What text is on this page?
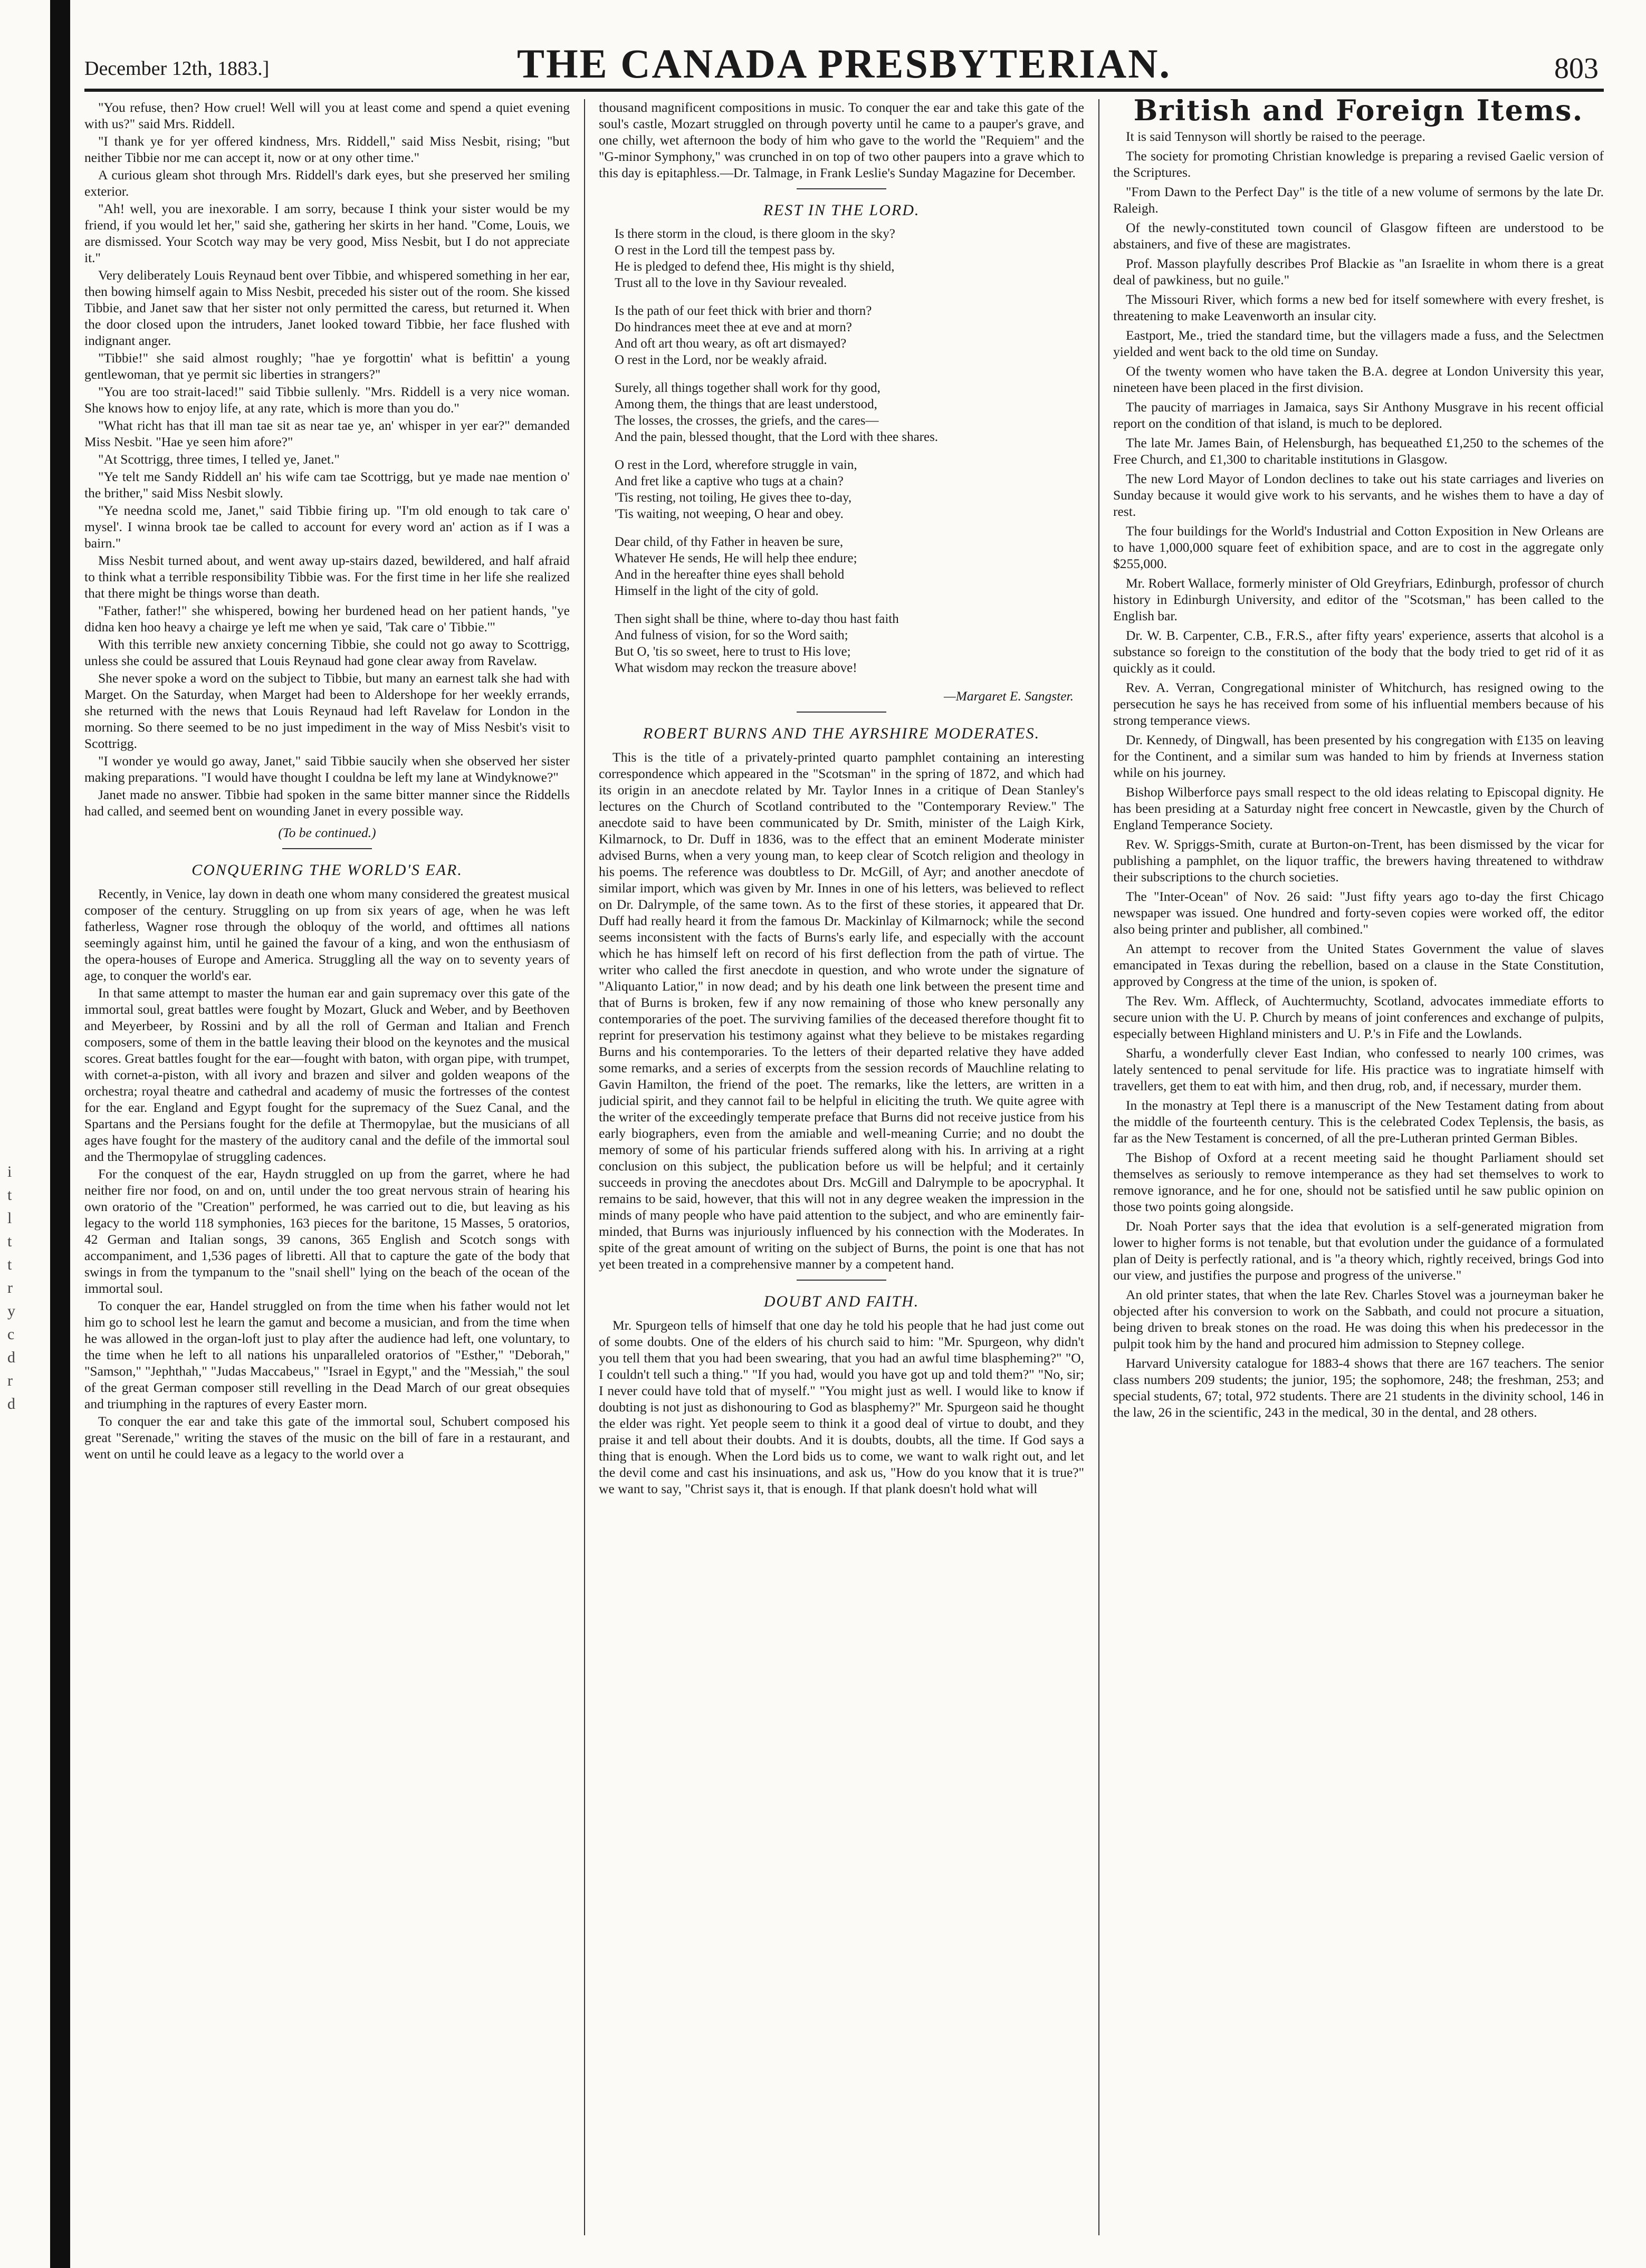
i
t
l
t
t
r
y
c
d
r
d
December 12th, 1883.]	THE CANADA PRESBYTERIAN.	803

"You refuse, then? How cruel! Well will you at least come and spend a quiet evening with us?" said Mrs. Riddell.

"I thank ye for yer offered kindness, Mrs. Riddell," said Miss Nesbit, rising; "but neither Tibbie nor me can accept it, now or at ony other time."

A curious gleam shot through Mrs. Riddell's dark eyes, but she preserved her smiling exterior.

"Ah! well, you are inexorable. I am sorry, because I think your sister would be my friend, if you would let her," said she, gathering her skirts in her hand. "Come, Louis, we are dismissed. Your Scotch way may be very good, Miss Nesbit, but I do not appreciate it."

Very deliberately Louis Reynaud bent over Tibbie, and whispered something in her ear, then bowing himself again to Miss Nesbit, preceded his sister out of the room. She kissed Tibbie, and Janet saw that her sister not only permitted the caress, but returned it. When the door closed upon the intruders, Janet looked toward Tibbie, her face flushed with indignant anger.

"Tibbie!" she said almost roughly; "hae ye forgottin' what is befittin' a young gentlewoman, that ye permit sic liberties in strangers?"

"You are too strait-laced!" said Tibbie sullenly. "Mrs. Riddell is a very nice woman. She knows how to enjoy life, at any rate, which is more than you do."

"What richt has that ill man tae sit as near tae ye, an' whisper in yer ear?" demanded Miss Nesbit. "Hae ye seen him afore?"

"At Scottrigg, three times, I telled ye, Janet."

"Ye telt me Sandy Riddell an' his wife cam tae Scottrigg, but ye made nae mention o' the brither," said Miss Nesbit slowly.

"Ye needna scold me, Janet," said Tibbie firing up. "I'm old enough to tak care o' mysel'. I winna brook tae be called to account for every word an' action as if I was a bairn."

Miss Nesbit turned about, and went away up-stairs dazed, bewildered, and half afraid to think what a terrible responsibility Tibbie was. For the first time in her life she realized that there might be things worse than death.

"Father, father!" she whispered, bowing her burdened head on her patient hands, "ye didna ken hoo heavy a chairge ye left me when ye said, 'Tak care o' Tibbie.'"

With this terrible new anxiety concerning Tibbie, she could not go away to Scottrigg, unless she could be assured that Louis Reynaud had gone clear away from Ravelaw.

She never spoke a word on the subject to Tibbie, but many an earnest talk she had with Marget. On the Saturday, when Marget had been to Aldershope for her weekly errands, she returned with the news that Louis Reynaud had left Ravelaw for London in the morning. So there seemed to be no just impediment in the way of Miss Nesbit's visit to Scottrigg.

"I wonder ye would go away, Janet," said Tibbie saucily when she observed her sister making preparations. "I would have thought I couldna be left my lane at Windyknowe?"

Janet made no answer. Tibbie had spoken in the same bitter manner since the Riddells had called, and seemed bent on wounding Janet in every possible way.

(To be continued.)
CONQUERING THE WORLD'S EAR.

Recently, in Venice, lay down in death one whom many considered the greatest musical composer of the century. Struggling on up from six years of age, when he was left fatherless, Wagner rose through the obloquy of the world, and ofttimes all nations seemingly against him, until he gained the favour of a king, and won the enthusiasm of the opera-houses of Europe and America. Struggling all the way on to seventy years of age, to conquer the world's ear.

In that same attempt to master the human ear and gain supremacy over this gate of the immortal soul, great battles were fought by Mozart, Gluck and Weber, and by Beethoven and Meyerbeer, by Rossini and by all the roll of German and Italian and French composers, some of them in the battle leaving their blood on the keynotes and the musical scores. Great battles fought for the ear—fought with baton, with organ pipe, with trumpet, with cornet-a-piston, with all ivory and brazen and silver and golden weapons of the orchestra; royal theatre and cathedral and academy of music the fortresses of the contest for the ear. England and Egypt fought for the supremacy of the Suez Canal, and the Spartans and the Persians fought for the defile at Thermopylae, but the musicians of all ages have fought for the mastery of the auditory canal and the defile of the immortal soul and the Thermopylae of struggling cadences.

For the conquest of the ear, Haydn struggled on up from the garret, where he had neither fire nor food, on and on, until under the too great nervous strain of hearing his own oratorio of the "Creation" performed, he was carried out to die, but leaving as his legacy to the world 118 symphonies, 163 pieces for the baritone, 15 Masses, 5 oratorios, 42 German and Italian songs, 39 canons, 365 English and Scotch songs with accompaniment, and 1,536 pages of libretti. All that to capture the gate of the body that swings in from the tympanum to the "snail shell" lying on the beach of the ocean of the immortal soul.

To conquer the ear, Handel struggled on from the time when his father would not let him go to school lest he learn the gamut and become a musician, and from the time when he was allowed in the organ-loft just to play after the audience had left, one voluntary, to the time when he left to all nations his unparalleled oratorios of "Esther," "Deborah," "Samson," "Jephthah," "Judas Maccabeus," "Israel in Egypt," and the "Messiah," the soul of the great German composer still revelling in the Dead March of our great obsequies and triumphing in the raptures of every Easter morn.

To conquer the ear and take this gate of the immortal soul, Schubert composed his great "Serenade," writing the staves of the music on the bill of fare in a restaurant, and went on until he could leave as a legacy to the world over a

thousand magnificent compositions in music. To conquer the ear and take this gate of the soul's castle, Mozart struggled on through poverty until he came to a pauper's grave, and one chilly, wet afternoon the body of him who gave to the world the "Requiem" and the "G-minor Symphony," was crunched in on top of two other paupers into a grave which to this day is epitaphless.—Dr. Talmage, in Frank Leslie's Sunday Magazine for December.

REST IN THE LORD.
Is there storm in the cloud, is there gloom in the sky?
O rest in the Lord till the tempest pass by.
He is pledged to defend thee, His might is thy shield,
Trust all to the love in thy Saviour revealed.
Is the path of our feet thick with brier and thorn?
Do hindrances meet thee at eve and at morn?
And oft art thou weary, as oft art dismayed?
O rest in the Lord, nor be weakly afraid.
Surely, all things together shall work for thy good,
Among them, the things that are least understood,
The losses, the crosses, the griefs, and the cares—
And the pain, blessed thought, that the Lord with thee shares.
O rest in the Lord, wherefore struggle in vain,
And fret like a captive who tugs at a chain?
'Tis resting, not toiling, He gives thee to-day,
'Tis waiting, not weeping, O hear and obey.
Dear child, of thy Father in heaven be sure,
Whatever He sends, He will help thee endure;
And in the hereafter thine eyes shall behold
Himself in the light of the city of gold.
Then sight shall be thine, where to-day thou hast faith
And fulness of vision, for so the Word saith;
But O, 'tis so sweet, here to trust to His love;
What wisdom may reckon the treasure above!
—Margaret E. Sangster.
ROBERT BURNS AND THE AYRSHIRE MODERATES.

This is the title of a privately-printed quarto pamphlet containing an interesting correspondence which appeared in the "Scotsman" in the spring of 1872, and which had its origin in an anecdote related by Mr. Taylor Innes in a critique of Dean Stanley's lectures on the Church of Scotland contributed to the "Contemporary Review." The anecdote said to have been communicated by Dr. Smith, minister of the Laigh Kirk, Kilmarnock, to Dr. Duff in 1836, was to the effect that an eminent Moderate minister advised Burns, when a very young man, to keep clear of Scotch religion and theology in his poems. The reference was doubtless to Dr. McGill, of Ayr; and another anecdote of similar import, which was given by Mr. Innes in one of his letters, was believed to reflect on Dr. Dalrymple, of the same town. As to the first of these stories, it appeared that Dr. Duff had really heard it from the famous Dr. Mackinlay of Kilmarnock; while the second seems inconsistent with the facts of Burns's early life, and especially with the account which he has himself left on record of his first deflection from the path of virtue. The writer who called the first anecdote in question, and who wrote under the signature of "Aliquanto Latior," in now dead; and by his death one link between the present time and that of Burns is broken, few if any now remaining of those who knew personally any contemporaries of the poet. The surviving families of the deceased therefore thought fit to reprint for preservation his testimony against what they believe to be mistakes regarding Burns and his contemporaries. To the letters of their departed relative they have added some remarks, and a series of excerpts from the session records of Mauchline relating to Gavin Hamilton, the friend of the poet. The remarks, like the letters, are written in a judicial spirit, and they cannot fail to be helpful in eliciting the truth. We quite agree with the writer of the exceedingly temperate preface that Burns did not receive justice from his early biographers, even from the amiable and well-meaning Currie; and no doubt the memory of some of his particular friends suffered along with his. In arriving at a right conclusion on this subject, the publication before us will be helpful; and it certainly succeeds in proving the anecdotes about Drs. McGill and Dalrymple to be apocryphal. It remains to be said, however, that this will not in any degree weaken the impression in the minds of many people who have paid attention to the subject, and who are eminently fair-minded, that Burns was injuriously influenced by his connection with the Moderates. In spite of the great amount of writing on the subject of Burns, the point is one that has not yet been treated in a comprehensive manner by a competent hand.

DOUBT AND FAITH.

Mr. Spurgeon tells of himself that one day he told his people that he had just come out of some doubts. One of the elders of his church said to him: "Mr. Spurgeon, why didn't you tell them that you had been swearing, that you had an awful time blaspheming?" "O, I couldn't tell such a thing." "If you had, would you have got up and told them?" "No, sir; I never could have told that of myself." "You might just as well. I would like to know if doubting is not just as dishonouring to God as blasphemy?" Mr. Spurgeon said he thought the elder was right. Yet people seem to think it a good deal of virtue to doubt, and they praise it and tell about their doubts. And it is doubts, doubts, all the time. If God says a thing that is enough. When the Lord bids us to come, we want to walk right out, and let the devil come and cast his insinuations, and ask us, "How do you know that it is true?" we want to say, "Christ says it, that is enough. If that plank doesn't hold what will

British and Foreign Items.

It is said Tennyson will shortly be raised to the peerage.

The society for promoting Christian knowledge is preparing a revised Gaelic version of the Scriptures.

"From Dawn to the Perfect Day" is the title of a new volume of sermons by the late Dr. Raleigh.

Of the newly-constituted town council of Glasgow fifteen are understood to be abstainers, and five of these are magistrates.

Prof. Masson playfully describes Prof Blackie as "an Israelite in whom there is a great deal of pawkiness, but no guile."

The Missouri River, which forms a new bed for itself somewhere with every freshet, is threatening to make Leavenworth an insular city.

Eastport, Me., tried the standard time, but the villagers made a fuss, and the Selectmen yielded and went back to the old time on Sunday.

Of the twenty women who have taken the B.A. degree at London University this year, nineteen have been placed in the first division.

The paucity of marriages in Jamaica, says Sir Anthony Musgrave in his recent official report on the condition of that island, is much to be deplored.

The late Mr. James Bain, of Helensburgh, has bequeathed £1,250 to the schemes of the Free Church, and £1,300 to charitable institutions in Glasgow.

The new Lord Mayor of London declines to take out his state carriages and liveries on Sunday because it would give work to his servants, and he wishes them to have a day of rest.

The four buildings for the World's Industrial and Cotton Exposition in New Orleans are to have 1,000,000 square feet of exhibition space, and are to cost in the aggregate only $255,000.

Mr. Robert Wallace, formerly minister of Old Greyfriars, Edinburgh, professor of church history in Edinburgh University, and editor of the "Scotsman," has been called to the English bar.

Dr. W. B. Carpenter, C.B., F.R.S., after fifty years' experience, asserts that alcohol is a substance so foreign to the constitution of the body that the body tried to get rid of it as quickly as it could.

Rev. A. Verran, Congregational minister of Whitchurch, has resigned owing to the persecution he says he has received from some of his influential members because of his strong temperance views.

Dr. Kennedy, of Dingwall, has been presented by his congregation with £135 on leaving for the Continent, and a similar sum was handed to him by friends at Inverness station while on his journey.

Bishop Wilberforce pays small respect to the old ideas relating to Episcopal dignity. He has been presiding at a Saturday night free concert in Newcastle, given by the Church of England Temperance Society.

Rev. W. Spriggs-Smith, curate at Burton-on-Trent, has been dismissed by the vicar for publishing a pamphlet, on the liquor traffic, the brewers having threatened to withdraw their subscriptions to the church societies.

The "Inter-Ocean" of Nov. 26 said: "Just fifty years ago to-day the first Chicago newspaper was issued. One hundred and forty-seven copies were worked off, the editor also being printer and publisher, all combined."

An attempt to recover from the United States Government the value of slaves emancipated in Texas during the rebellion, based on a clause in the State Constitution, approved by Congress at the time of the union, is spoken of.

The Rev. Wm. Affleck, of Auchtermuchty, Scotland, advocates immediate efforts to secure union with the U. P. Church by means of joint conferences and exchange of pulpits, especially between Highland ministers and U. P.'s in Fife and the Lowlands.

Sharfu, a wonderfully clever East Indian, who confessed to nearly 100 crimes, was lately sentenced to penal servitude for life. His practice was to ingratiate himself with travellers, get them to eat with him, and then drug, rob, and, if necessary, murder them.

In the monastry at Tepl there is a manuscript of the New Testament dating from about the middle of the fourteenth century. This is the celebrated Codex Teplensis, the basis, as far as the New Testament is concerned, of all the pre-Lutheran printed German Bibles.

The Bishop of Oxford at a recent meeting said he thought Parliament should set themselves as seriously to remove intemperance as they had set themselves to work to remove ignorance, and he for one, should not be satisfied until he saw public opinion on those two points going alongside.

Dr. Noah Porter says that the idea that evolution is a self-generated migration from lower to higher forms is not tenable, but that evolution under the guidance of a formulated plan of Deity is perfectly rational, and is "a theory which, rightly received, brings God into our view, and justifies the purpose and progress of the universe."

An old printer states, that when the late Rev. Charles Stovel was a journeyman baker he objected after his conversion to work on the Sabbath, and could not procure a situation, being driven to break stones on the road. He was doing this when his predecessor in the pulpit took him by the hand and procured him admission to Stepney college.

Harvard University catalogue for 1883-4 shows that there are 167 teachers. The senior class numbers 209 students; the junior, 195; the sophomore, 248; the freshman, 253; and special students, 67; total, 972 students. There are 21 students in the divinity school, 146 in the law, 26 in the scientific, 243 in the medical, 30 in the dental, and 28 others.
